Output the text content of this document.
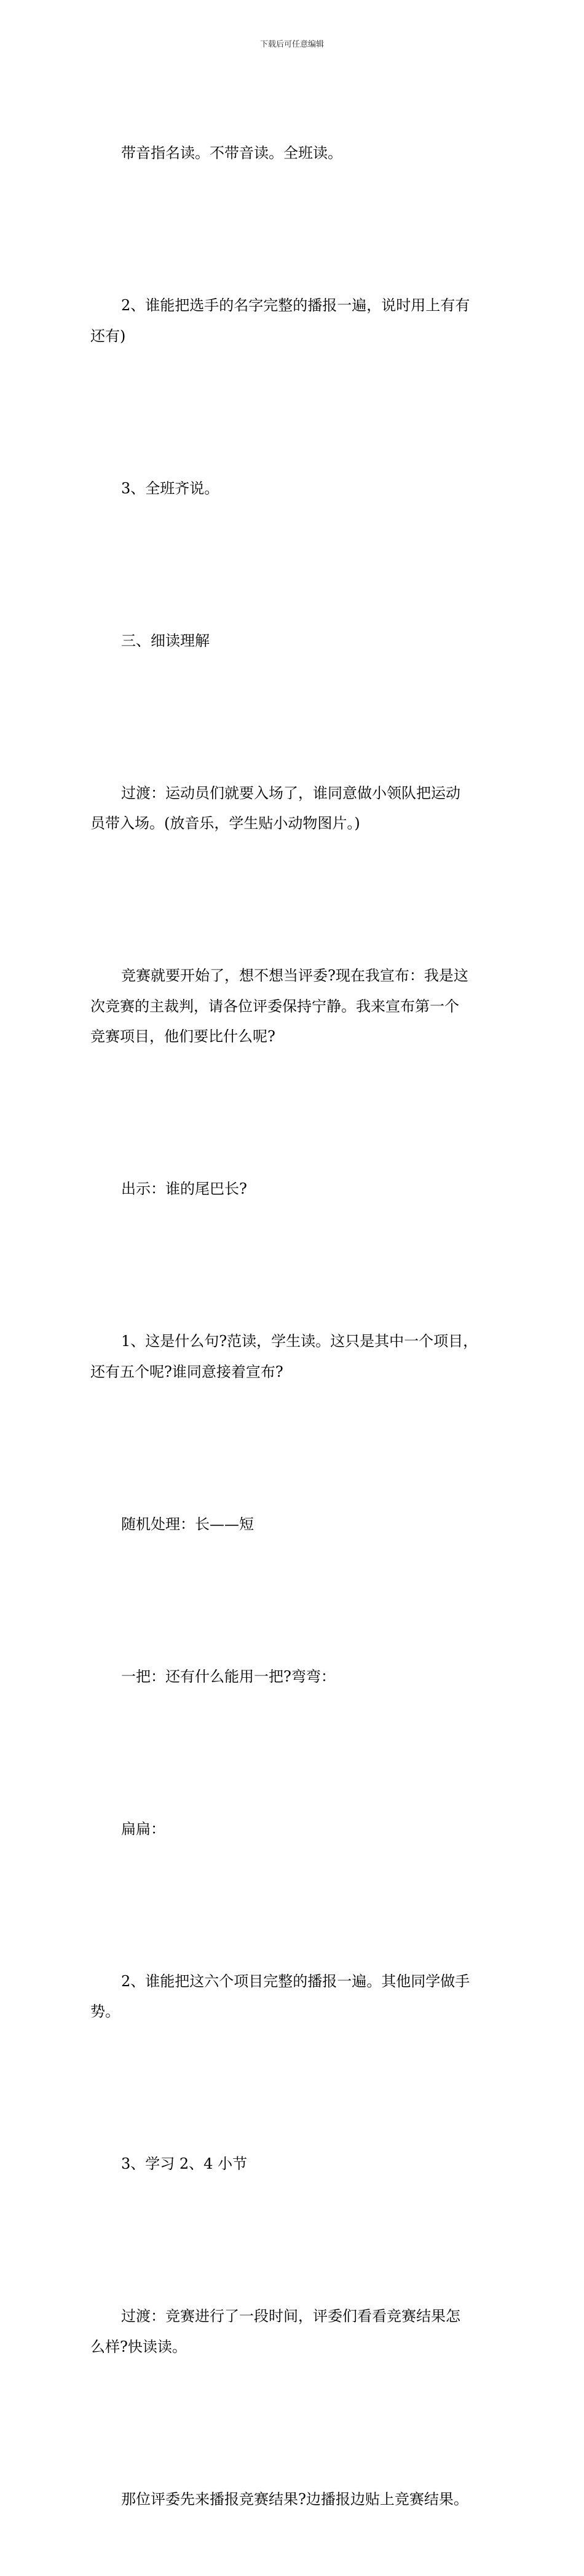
下载后可任意编辑

带音指名读。不带音读。全班读。

2、谁能把选手的名字完整的播报一遍，说时用上有有
还有)

3、全班齐说。

三、细读理解

过渡：运动员们就要入场了，谁同意做小领队把运动
员带入场。(放音乐，学生贴小动物图片。)

竞赛就要开始了，想不想当评委?现在我宣布：我是这
次竞赛的主裁判，请各位评委保持宁静。我来宣布第一个
竞赛项目，他们要比什么呢?

出示：谁的尾巴长?

1、这是什么句?范读，学生读。这只是其中一个项目，
还有五个呢?谁同意接着宣布?

随机处理：长——短

一把：还有什么能用一把?弯弯：

扁扁：

2、谁能把这六个项目完整的播报一遍。其他同学做手
势。

3、学习 2、4 小节

过渡：竞赛进行了一段时间，评委们看看竞赛结果怎
么样?快读读。

那位评委先来播报竞赛结果?边播报边贴上竞赛结果。
